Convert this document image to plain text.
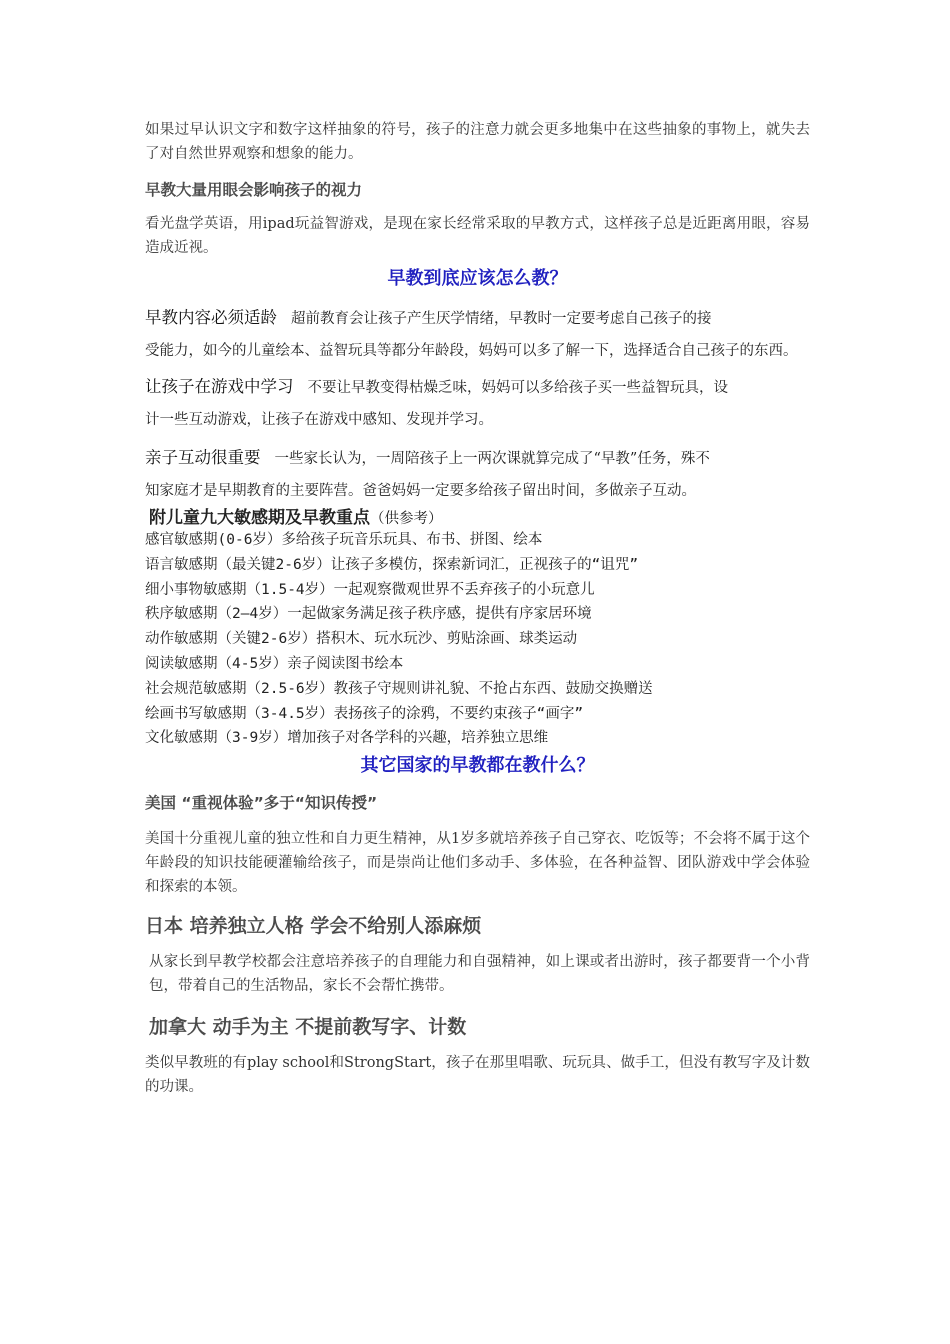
如果过早认识文字和数字这样抽象的符号，孩子的注意力就会更多地集中在这些抽象的事物上，就失去了对自然世界观察和想象的能力。

早教大量用眼会影响孩子的视力

看光盘学英语，用ipad玩益智游戏，是现在家长经常采取的早教方式，这样孩子总是近距离用眼，容易造成近视。

早教到底应该怎么教？

早教内容必须适龄 超前教育会让孩子产生厌学情绪，早教时一定要考虑自己孩子的接
受能力，如今的儿童绘本、益智玩具等都分年龄段，妈妈可以多了解一下，选择适合自己孩子的东西。

让孩子在游戏中学习 不要让早教变得枯燥乏味，妈妈可以多给孩子买一些益智玩具，设
计一些互动游戏，让孩子在游戏中感知、发现并学习。

亲子互动很重要 一些家长认为，一周陪孩子上一两次课就算完成了“早教”任务，殊不
知家庭才是早期教育的主要阵营。爸爸妈妈一定要多给孩子留出时间，多做亲子互动。

附儿童九大敏感期及早教重点（供参考）
感官敏感期(0-6岁）多给孩子玩音乐玩具、布书、拼图、绘本
语言敏感期（最关键2-6岁）让孩子多模仿，探索新词汇，正视孩子的“诅咒”
细小事物敏感期（1.5-4岁）一起观察微观世界不丢弃孩子的小玩意儿
秩序敏感期（2—4岁）一起做家务满足孩子秩序感，提供有序家居环境
动作敏感期（关键2-6岁）搭积木、玩水玩沙、剪贴涂画、球类运动
阅读敏感期（4-5岁）亲子阅读图书绘本
社会规范敏感期（2.5-6岁）教孩子守规则讲礼貌、不抢占东西、鼓励交换赠送
绘画书写敏感期（3-4.5岁）表扬孩子的涂鸦，不要约束孩子“画字”
文化敏感期（3-9岁）增加孩子对各学科的兴趣，培养独立思维
其它国家的早教都在教什么？
美国 “重视体验”多于“知识传授”

美国十分重视儿童的独立性和自力更生精神，从1岁多就培养孩子自己穿衣、吃饭等；不会将不属于这个年龄段的知识技能硬灌输给孩子，而是崇尚让他们多动手、多体验，在各种益智、团队游戏中学会体验和探索的本领。

日本 培养独立人格 学会不给别人添麻烦

从家长到早教学校都会注意培养孩子的自理能力和自强精神，如上课或者出游时，孩子都要背一个小背包，带着自己的生活物品，家长不会帮忙携带。

加拿大 动手为主 不提前教写字、计数

类似早教班的有play school和StrongStart，孩子在那里唱歌、玩玩具、做手工，但没有教写字及计数的功课。
